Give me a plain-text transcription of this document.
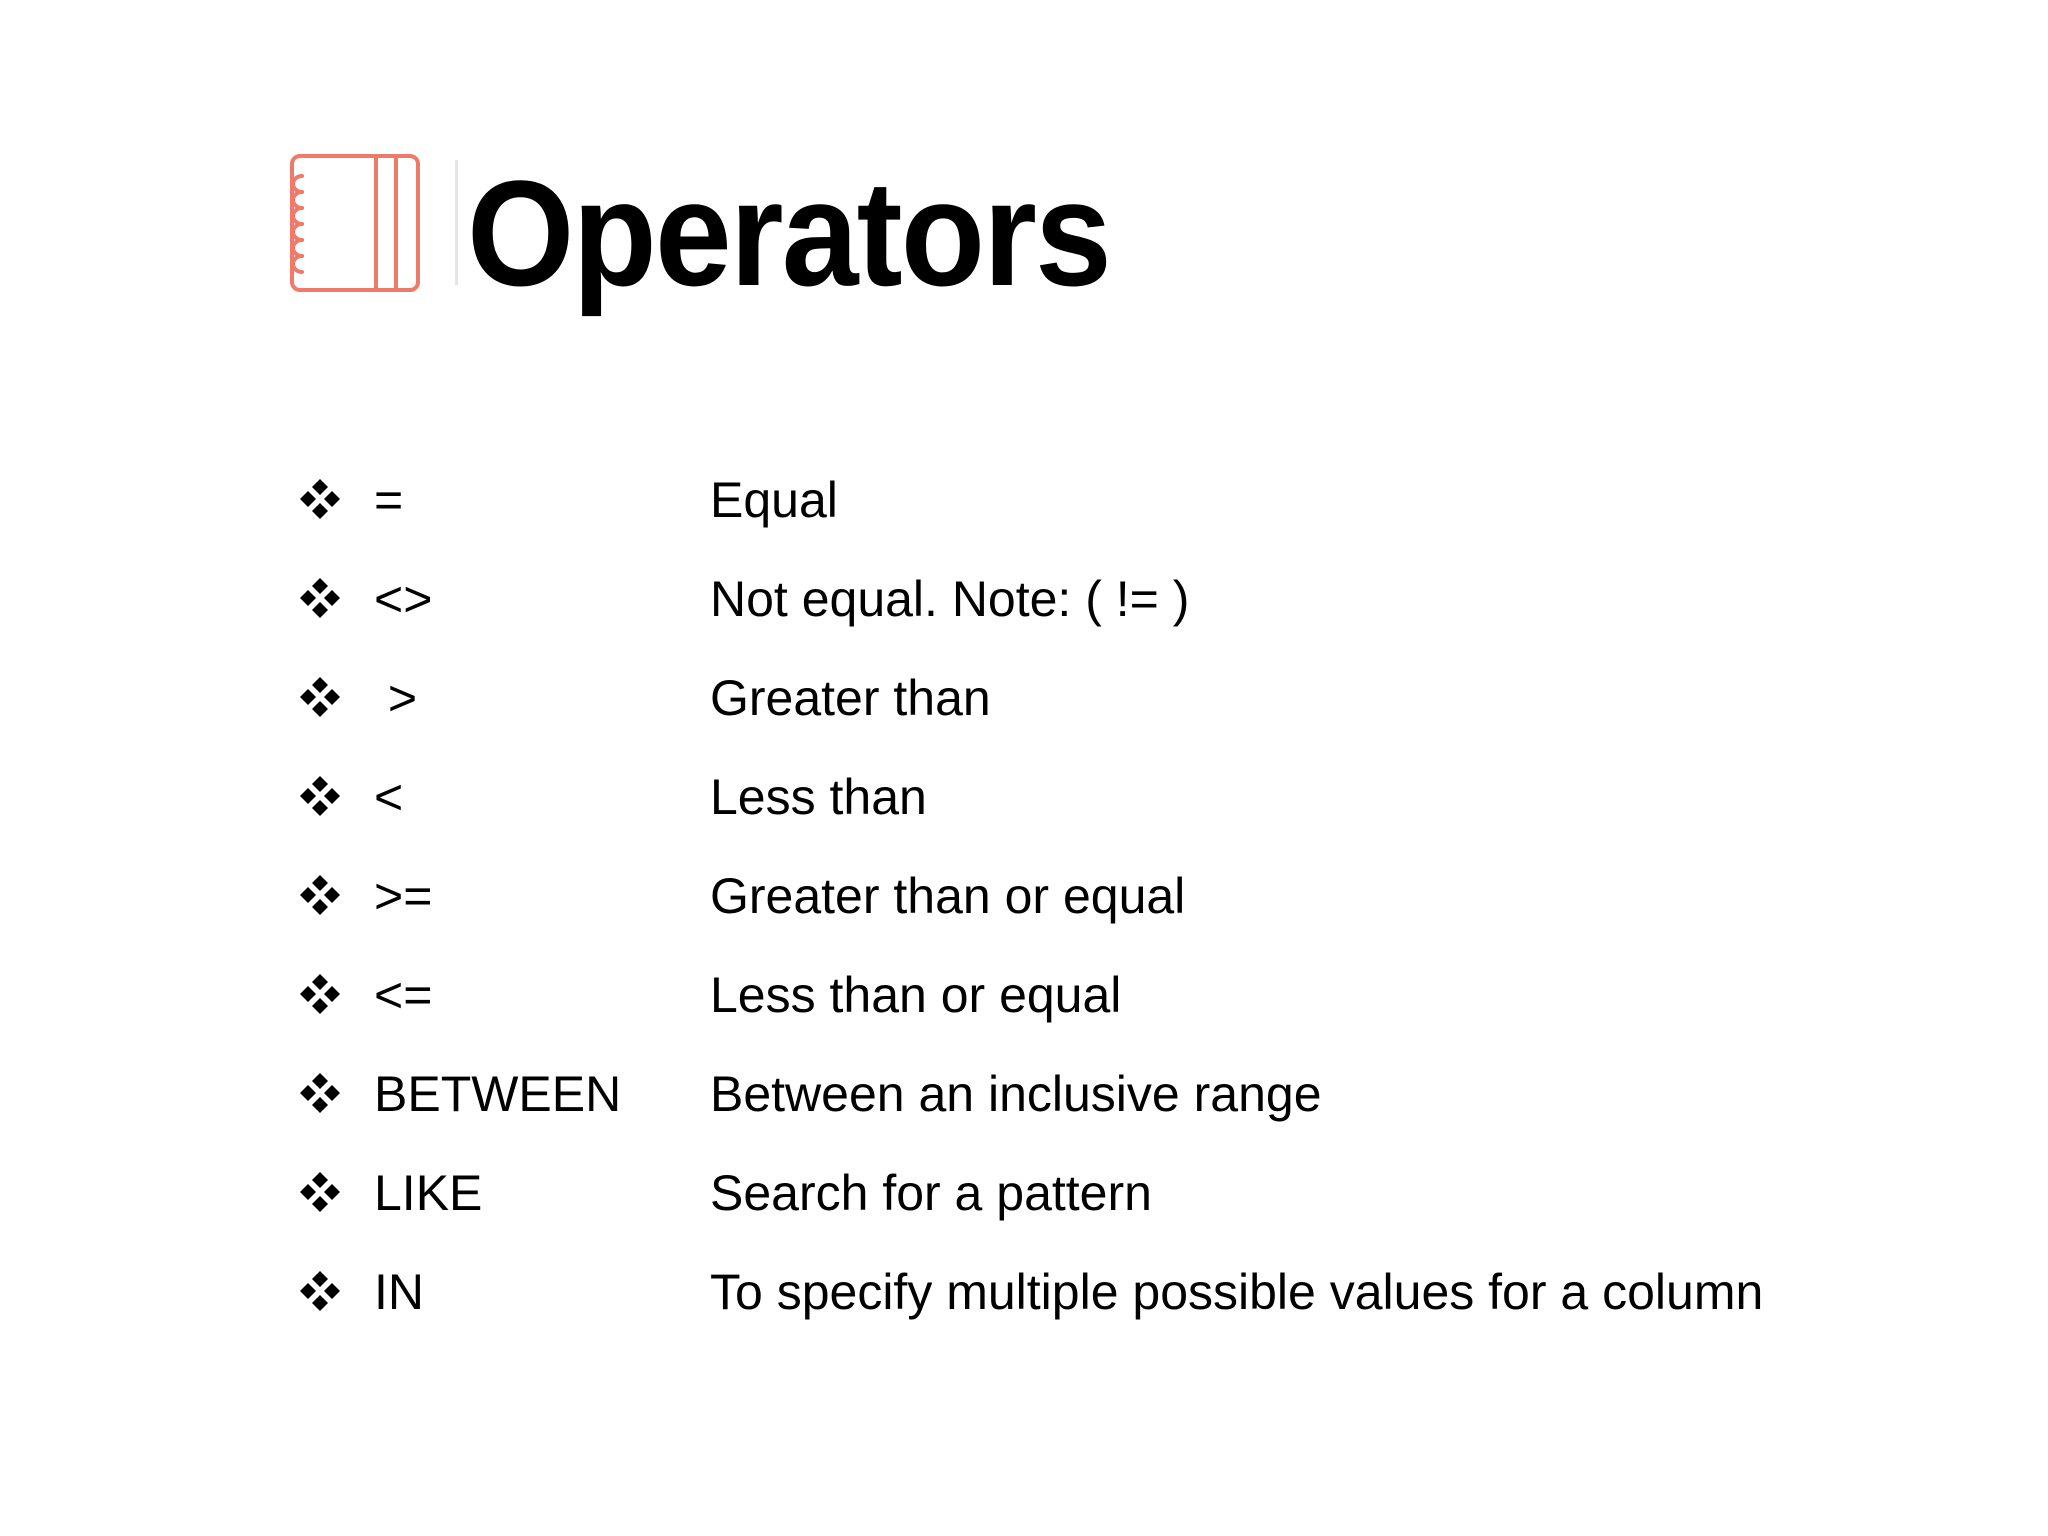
Operators
=	Equal
<>	Not equal. Note: ( != )
>	Greater than
<	Less than
>=	Greater than or equal
<=	Less than or equal
BETWEEN Between an inclusive range
LIKE	Search for a pattern
IN	To specify multiple possible values for a column
